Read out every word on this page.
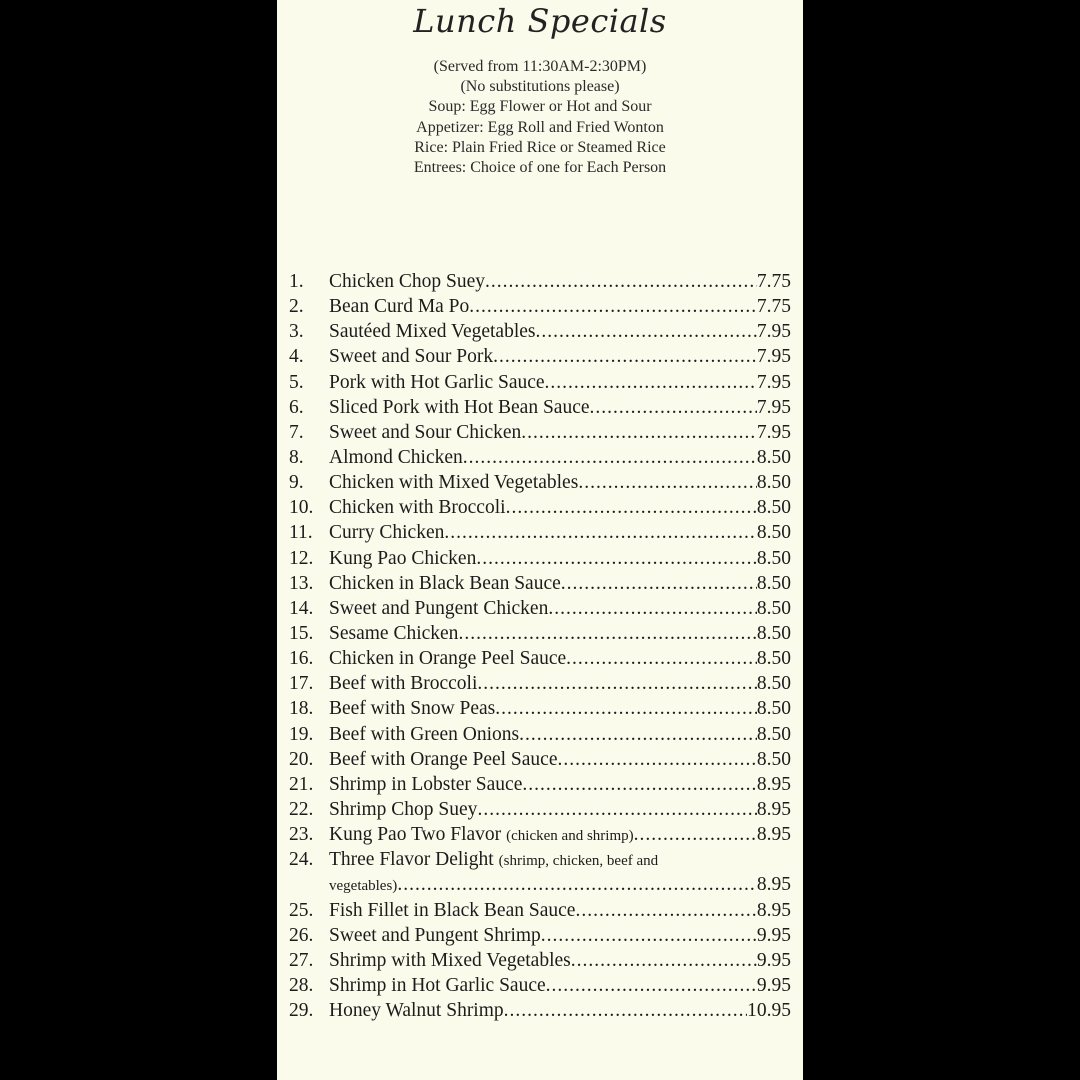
Lunch Specials
(Served from 11:30AM-2:30PM)
(No substitutions please)
Soup: Egg Flower or Hot and Sour
Appetizer: Egg Roll and Fried Wonton
Rice: Plain Fried Rice or Steamed Rice
Entrees: Choice of one for Each Person
1.	Chicken Chop Suey .....	7.75
2.	Bean Curd Ma Po .....	7.75
3.	Sautéed Mixed Vegetables .....	7.95
4.	Sweet and Sour Pork .....	7.95
5.	Pork with Hot Garlic Sauce .....	7.95
6.	Sliced Pork with Hot Bean Sauce .....	7.95
7.	Sweet and Sour Chicken .....	7.95
8.	Almond Chicken .....	8.50
9.	Chicken with Mixed Vegetables .....	8.50
10. Chicken with Broccoli .....	8.50
11. Curry Chicken .....	8.50
12. Kung Pao Chicken .....	8.50
13. Chicken in Black Bean Sauce .....	8.50
14. Sweet and Pungent Chicken .....	8.50
15. Sesame Chicken .....	8.50
16. Chicken in Orange Peel Sauce .....	8.50
17. Beef with Broccoli .....	8.50
18. Beef with Snow Peas .....	8.50
19. Beef with Green Onions .....	8.50
20. Beef with Orange Peel Sauce .....	8.50
21. Shrimp in Lobster Sauce .....	8.95
22. Shrimp Chop Suey .....	8.95
23. Kung Pao Two Flavor (chicken and shrimp) .....	8.95
24. Three Flavor Delight (shrimp, chicken, beef and
vegetables) .....	8.95
25. Fish Fillet in Black Bean Sauce .....	8.95
26. Sweet and Pungent Shrimp .....	9.95
27. Shrimp with Mixed Vegetables .....	9.95
28. Shrimp in Hot Garlic Sauce .....	9.95
29. Honey Walnut Shrimp .....	10.95
